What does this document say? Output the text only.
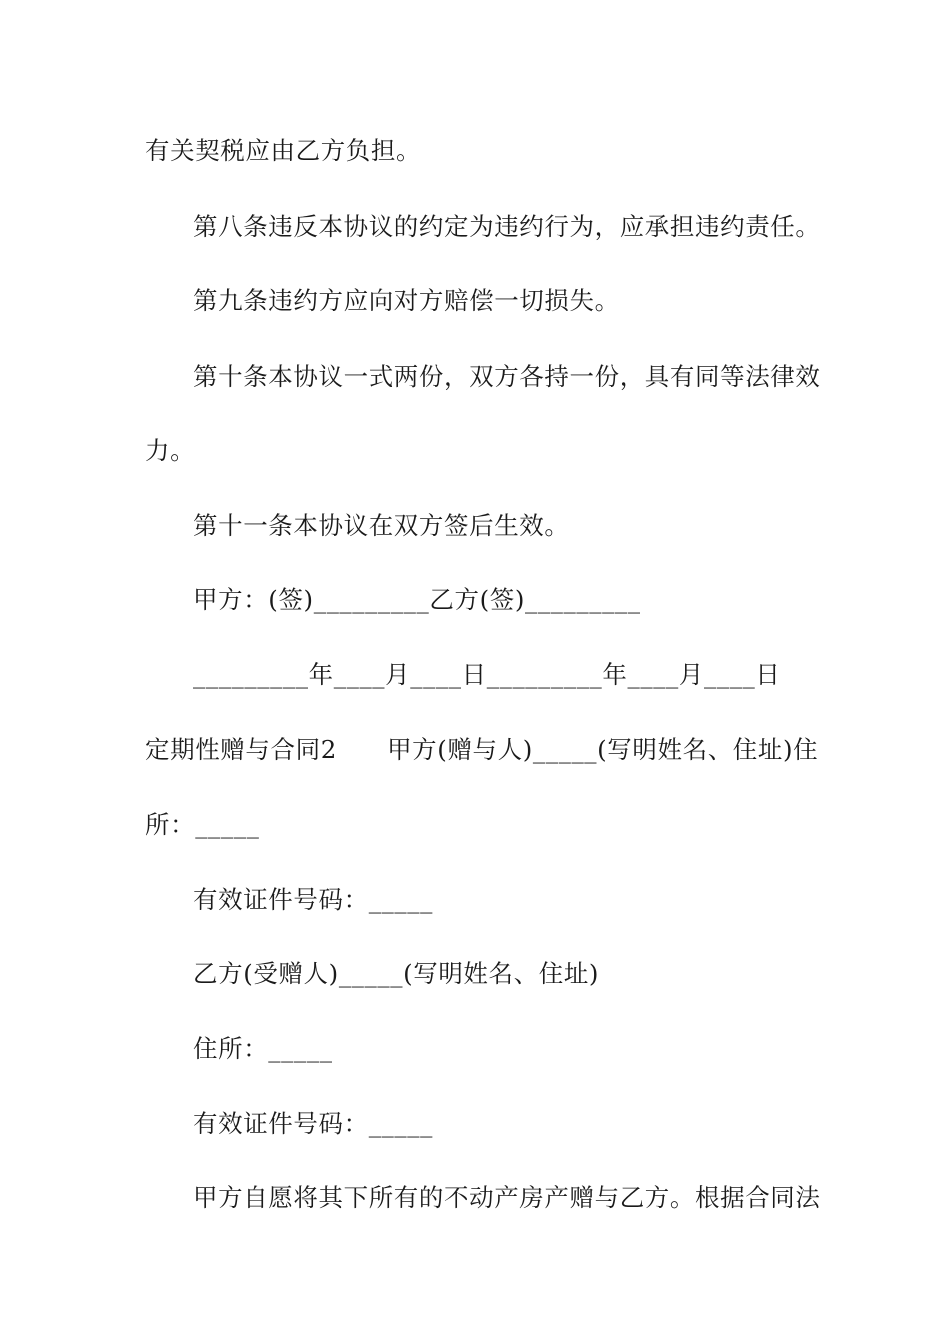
有关契税应由乙方负担。
第八条违反本协议的约定为违约行为，应承担违约责任。
第九条违约方应向对方赔偿一切损失。
第十条本协议一式两份，双方各持一份，具有同等法律效
力。
第十一条本协议在双方签后生效。
甲方：(签)_________乙方(签)_________
_________年____月____日_________年____月____日
定期性赠与合同2　　甲方(赠与人)_____(写明姓名、住址)住
所：_____
有效证件号码：_____
乙方(受赠人)_____(写明姓名、住址)
住所：_____
有效证件号码：_____
甲方自愿将其下所有的不动产房产赠与乙方。根据合同法
